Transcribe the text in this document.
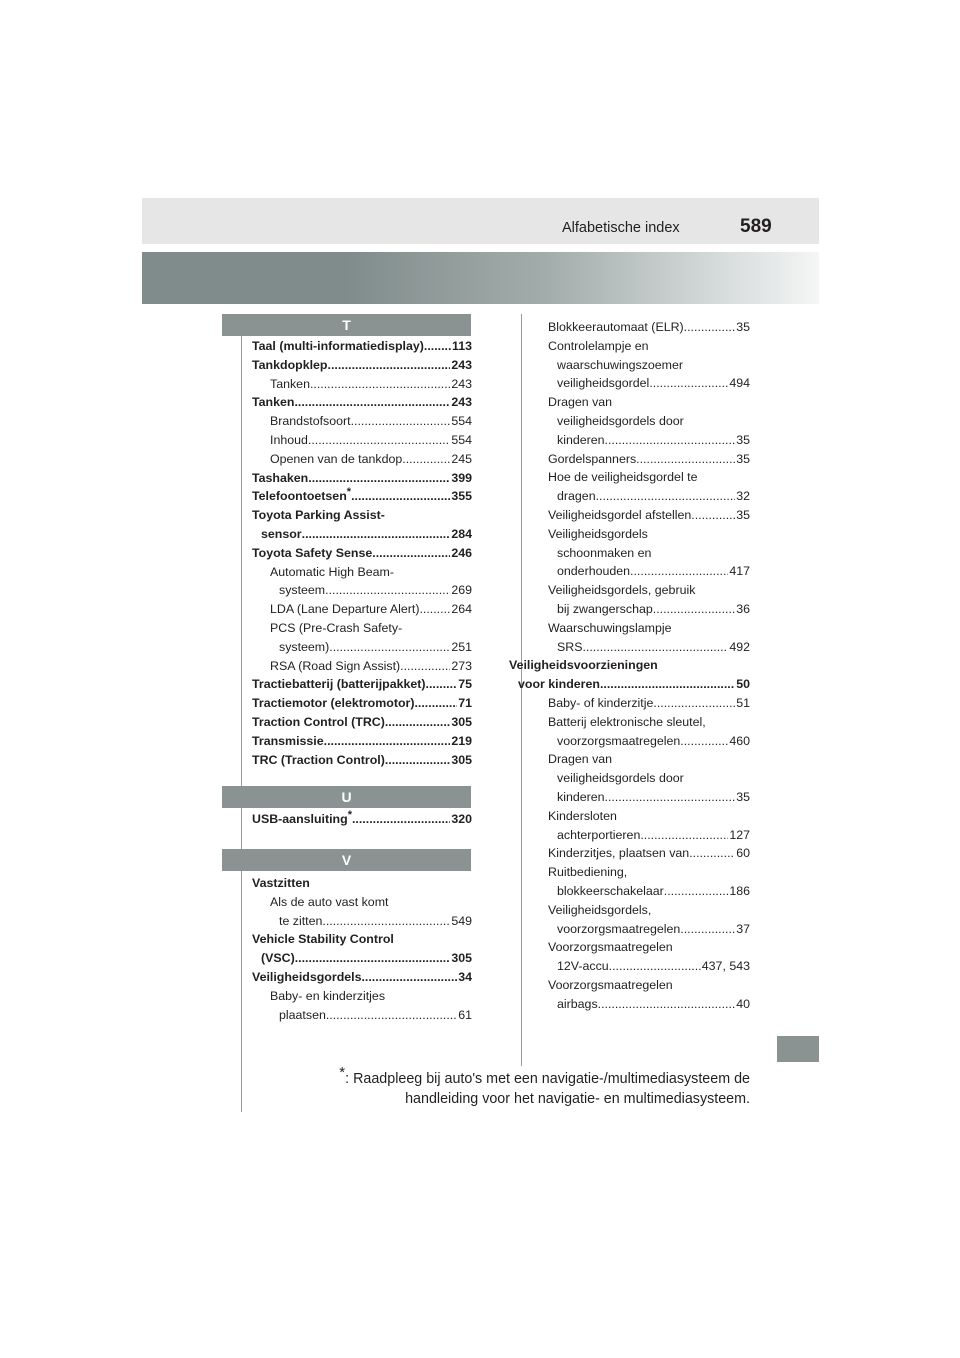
Alfabetische index	589
T
Taal (multi-informatiedisplay) ..... 113
Tankdopklep .....	243
Tanken .....	243
Tanken .....	243
Brandstofsoort .....	554
Inhoud .....	554
Openen van de tankdop .....	245
Tashaken .....	399
Telefoontoetsen* .....	355
Toyota Parking Assist-
sensor .....	284
Toyota Safety Sense .....	246
Automatic High Beam-
systeem .....	269
LDA (Lane Departure Alert) .....	264
PCS (Pre-Crash Safety-
systeem) .....	251
RSA (Road Sign Assist) .....	273
Tractiebatterij (batterijpakket) .....	75
Tractiemotor (elektromotor) .....	71
Traction Control (TRC) .....	305
Transmissie .....	219
TRC (Traction Control) .....	305
U
USB-aansluiting* .....	320
V
Vastzitten
Als de auto vast komt
te zitten .....	549
Vehicle Stability Control
(VSC) .....	305
Veiligheidsgordels .....	34
Baby- en kinderzitjes
plaatsen .....	61
Blokkeerautomaat (ELR) .....	35
Controlelampje en
waarschuwingszoemer
veiligheidsgordel .....	494
Dragen van
veiligheidsgordels door
kinderen .....	35
Gordelspanners .....	35
Hoe de veiligheidsgordel te
dragen .....	32
Veiligheidsgordel afstellen .....	35
Veiligheidsgordels
schoonmaken en
onderhouden .....	417
Veiligheidsgordels, gebruik
bij zwangerschap .....	36
Waarschuwingslampje
SRS .....	492
Veiligheidsvoorzieningen
voor kinderen .....	50
Baby- of kinderzitje .....	51
Batterij elektronische sleutel,
voorzorgsmaatregelen .....	460
Dragen van
veiligheidsgordels door
kinderen .....	35
Kindersloten
achterportieren .....	127
Kinderzitjes, plaatsen van .....	60
Ruitbediening,
blokkeerschakelaar .....	186
Veiligheidsgordels,
voorzorgsmaatregelen .....	37
Voorzorgsmaatregelen
12V-accu .....	437, 543
Voorzorgsmaatregelen
airbags .....	40
*: Raadpleeg bij auto's met een navigatie-/multimediasysteem de
handleiding voor het navigatie- en multimediasysteem.
